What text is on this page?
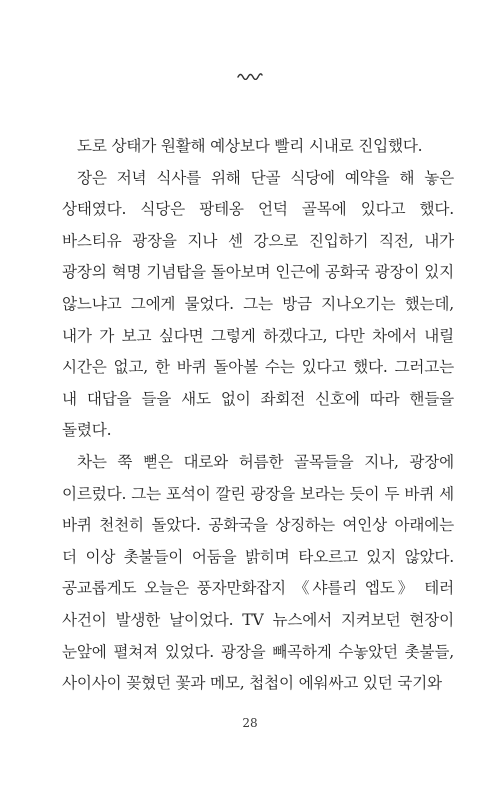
도로 상태가 원활해 예상보다 빨리 시내로 진입했다.

장은 저녁 식사를 위해 단골 식당에 예약을 해 놓은 상태였다. 식당은 팡테옹 언덕 골목에 있다고 했다. 바스티유 광장을 지나 센 강으로 진입하기 직전, 내가 광장의 혁명 기념탑을 돌아보며 인근에 공화국 광장이 있지 않느냐고 그에게 물었다. 그는 방금 지나오기는 했는데, 내가 가 보고 싶다면 그렇게 하겠다고, 다만 차에서 내릴 시간은 없고, 한 바퀴 돌아볼 수는 있다고 했다. 그러고는 내 대답을 들을 새도 없이 좌회전 신호에 따라 핸들을 돌렸다.

차는 쭉 뻗은 대로와 허름한 골목들을 지나, 광장에 이르렀다. 그는 포석이 깔린 광장을 보라는 듯이 두 바퀴 세 바퀴 천천히 돌았다. 공화국을 상징하는 여인상 아래에는 더 이상 촛불들이 어둠을 밝히며 타오르고 있지 않았다. 공교롭게도 오늘은 풍자만화잡지 《샤를리 엡도》 테러 사건이 발생한 날이었다. TV 뉴스에서 지켜보던 현장이 눈앞에 펼쳐져 있었다. 광장을 빼곡하게 수놓았던 촛불들, 사이사이 꽂혔던 꽃과 메모, 첩첩이 에워싸고 있던 국기와

28
